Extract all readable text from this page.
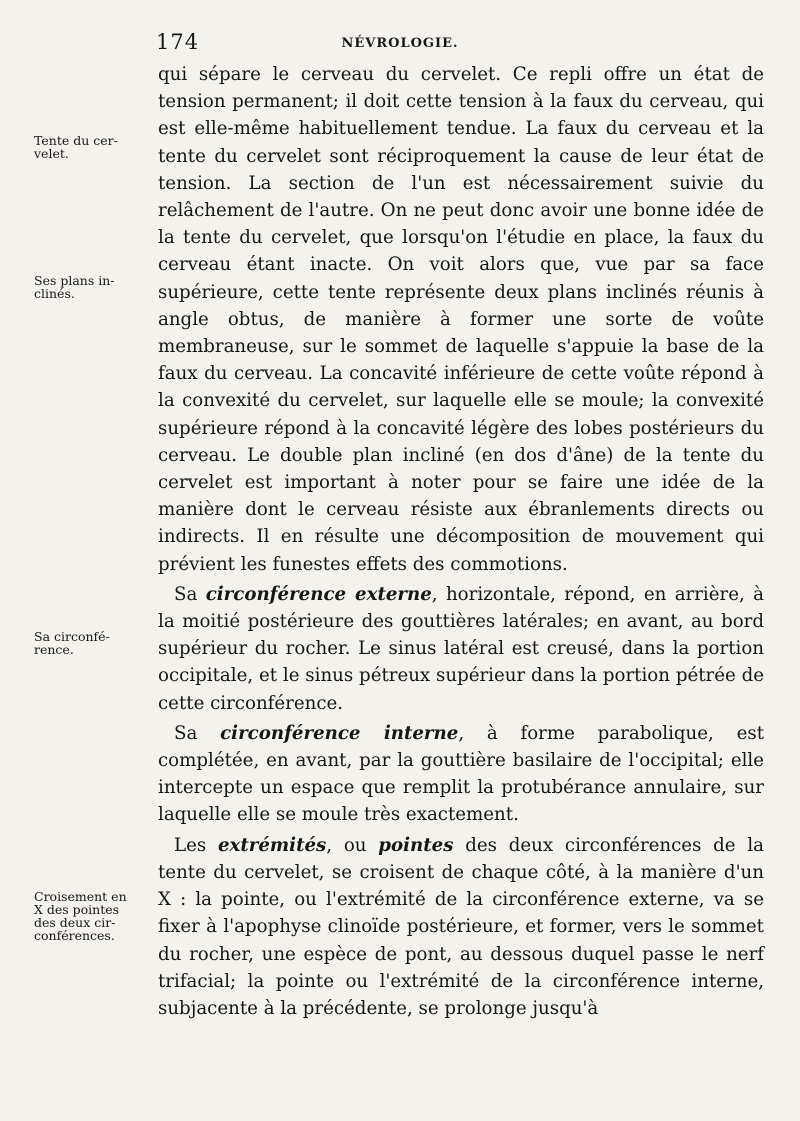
174	NÉVROLOGIE.
Tente du cer-
velet.
Ses plans in-
clinés.
Sa circonfé-
rence.
Croisement en
X des pointes
des deux cir-
conférences.

qui sépare le cerveau du cervelet. Ce repli offre un état de tension permanent; il doit cette tension à la faux du cerveau, qui est elle-même habituellement tendue. La faux du cerveau et la tente du cervelet sont réciproquement la cause de leur état de tension. La section de l'un est nécessairement suivie du relâchement de l'autre. On ne peut donc avoir une bonne idée de la tente du cervelet, que lorsqu'on l'étudie en place, la faux du cerveau étant inacte. On voit alors que, vue par sa face supérieure, cette tente représente deux plans inclinés réunis à angle obtus, de manière à former une sorte de voûte membraneuse, sur le sommet de laquelle s'appuie la base de la faux du cerveau. La concavité inférieure de cette voûte répond à la convexité du cervelet, sur laquelle elle se moule; la convexité supérieure répond à la concavité légère des lobes postérieurs du cerveau. Le double plan incliné (en dos d'âne) de la tente du cervelet est important à noter pour se faire une idée de la manière dont le cerveau résiste aux ébranlements directs ou indirects. Il en résulte une décomposition de mouvement qui prévient les funestes effets des commotions.

Sa circonférence externe, horizontale, répond, en arrière, à la moitié postérieure des gouttières latérales; en avant, au bord supérieur du rocher. Le sinus latéral est creusé, dans la portion occipitale, et le sinus pétreux supérieur dans la portion pétrée de cette circonférence.

Sa circonférence interne, à forme parabolique, est complétée, en avant, par la gouttière basilaire de l'occipital; elle intercepte un espace que remplit la protubérance annulaire, sur laquelle elle se moule très exactement.

Les extrémités, ou pointes des deux circonférences de la tente du cervelet, se croisent de chaque côté, à la manière d'un X : la pointe, ou l'extrémité de la circonférence externe, va se fixer à l'apophyse clinoïde postérieure, et former, vers le sommet du rocher, une espèce de pont, au dessous duquel passe le nerf trifacial; la pointe ou l'extrémité de la circonférence interne, subjacente à la précédente, se prolonge jusqu'à
